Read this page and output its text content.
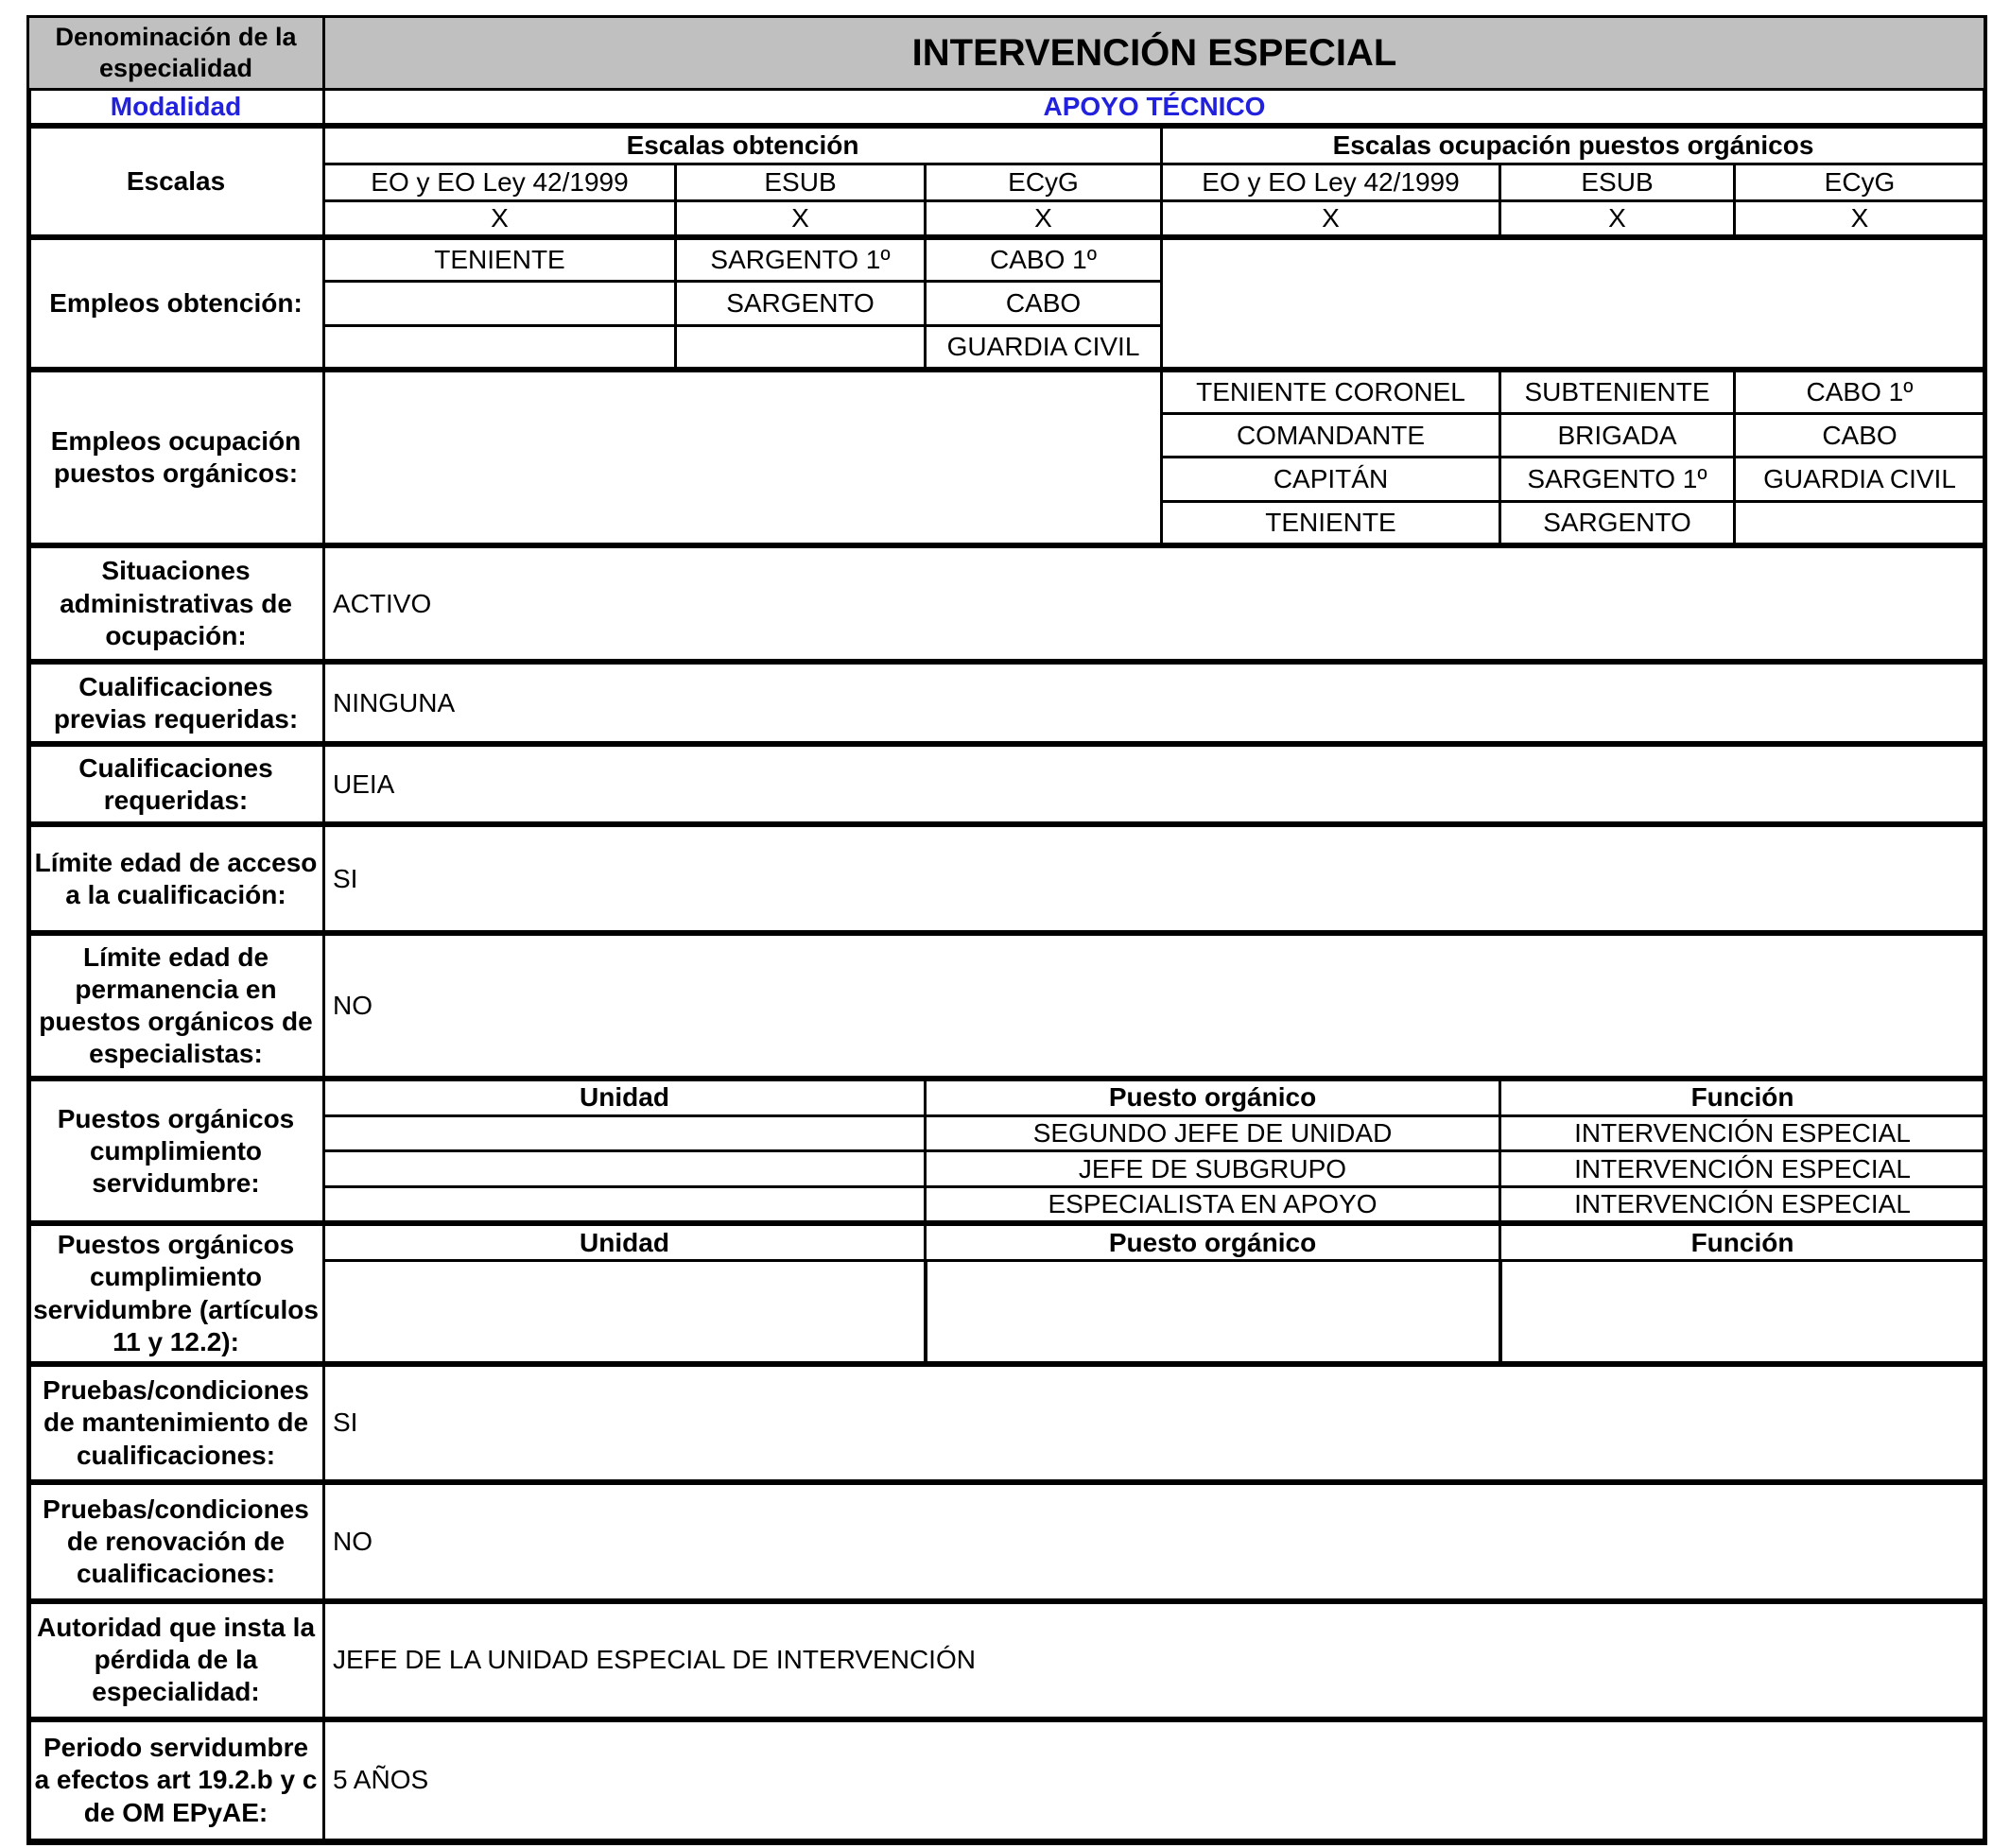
Denominación de la especialidad	INTERVENCIÓN ESPECIAL					
Modalidad	APOYO TÉCNICO					
Escalas	Escalas obtención			Escalas ocupación puestos orgánicos		
	EO y EO Ley 42/1999	ESUB	ECyG	EO y EO Ley 42/1999	ESUB	ECyG
	X	X	X	X	X	X
Empleos obtención:	TENIENTE	SARGENTO 1º	CABO 1º			
		SARGENTO	CABO			
			GUARDIA CIVIL			
Empleos ocupación puestos orgánicos:				TENIENTE CORONEL	SUBTENIENTE	CABO 1º
				COMANDANTE	BRIGADA	CABO
				CAPITÁN	SARGENTO 1º	GUARDIA CIVIL
				TENIENTE	SARGENTO	
Situaciones administrativas de ocupación:	ACTIVO					
Cualificaciones previas requeridas:	NINGUNA					
Cualificaciones requeridas:	UEIA					
Límite edad de acceso a la cualificación:	SI					
Límite edad de permanencia en puestos orgánicos de especialistas:	NO					
Puestos orgánicos cumplimiento servidumbre:	Unidad		Puesto orgánico		Función	
			SEGUNDO JEFE DE UNIDAD		INTERVENCIÓN ESPECIAL	
			JEFE DE SUBGRUPO		INTERVENCIÓN ESPECIAL	
			ESPECIALISTA EN APOYO		INTERVENCIÓN ESPECIAL	
Puestos orgánicos cumplimiento servidumbre (artículos 11 y 12.2):	Unidad		Puesto orgánico		Función	

Pruebas/condiciones de mantenimiento de cualificaciones:	SI					
Pruebas/condiciones de renovación de cualificaciones:	NO					
Autoridad que insta la pérdida de la especialidad:	JEFE DE LA UNIDAD ESPECIAL DE INTERVENCIÓN					
Periodo servidumbre a efectos art 19.2.b y c de OM EPyAE:	5 AÑOS					
